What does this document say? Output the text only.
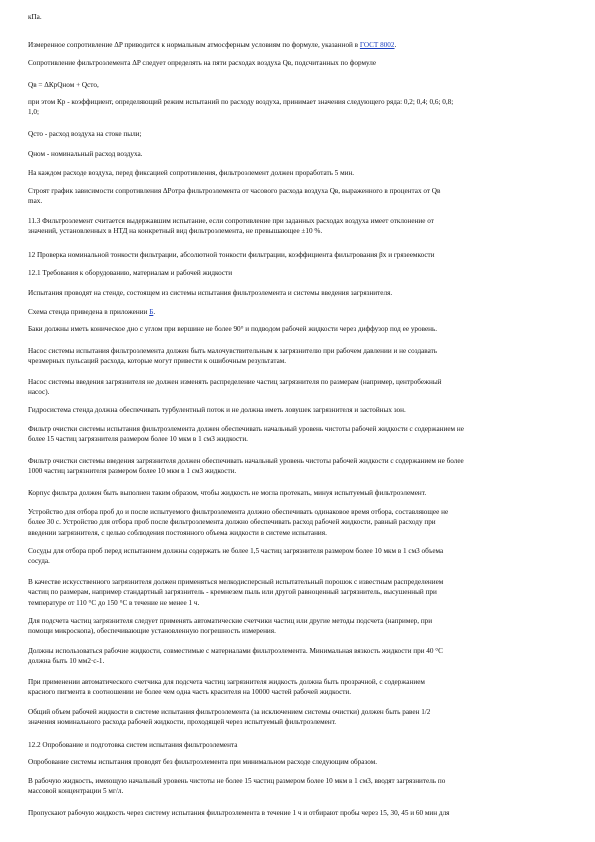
кПа.

Измеренное сопротивление ΔP приводится к нормальным атмосферным условиям по формуле, указанной в ГОСТ 8002.

Сопротивление фильтроэлемента ΔP следует определять на пяти расходах воздуха Qв, подсчитанных по формуле

Qв = ΔКрQном + Qсто,

при этом Кр - коэффициент, определяющий режим испытаний по расходу воздуха, принимает значения следующего ряда: 0,2; 0,4; 0,6; 0,8;
1,0;

Qсто - расход воздуха на стоке пыли;

Qном - номинальный расход воздуха.

На каждом расходе воздуха, перед фиксацией сопротивления, фильтроэлемент должен проработать 5 мин.

Строят график зависимости сопротивления ΔPотра фильтроэлемента от часового расхода воздуха Qв, выраженного в процентах от Qв
max.

11.3 Фильтроэлемент считается выдержавшим испытание, если сопротивление при заданных расходах воздуха имеет отклонение от
значений, установленных в НТД на конкретный вид фильтроэлемента, не превышающее ±10 %.

12 Проверка номинальной тонкости фильтрации, абсолютной тонкости фильтрации, коэффициента фильтрования βх и грязеемкости

12.1 Требования к оборудованию, материалам и рабочей жидкости

Испытания проводят на стенде, состоящем из системы испытания фильтроэлемента и системы введения загрязнителя.

Схема стенда приведена в приложении Б.

Баки должны иметь коническое дно с углом при вершине не более 90° и подводом рабочей жидкости через диффузор под ее уровень.

Насос системы испытания фильтроэлемента должен быть малочувствительным к загрязнителю при рабочем давлении и не создавать
чрезмерных пульсаций расхода, которые могут привести к ошибочным результатам.

Насос системы введения загрязнителя не должен изменять распределение частиц загрязнителя по размерам (например, центробежный
насос).

Гидросистема стенда должна обеспечивать турбулентный поток и не должна иметь ловушек загрязнителя и застойных зон.

Фильтр очистки системы испытания фильтроэлемента должен обеспечивать начальный уровень чистоты рабочей жидкости с содержанием не
более 15 частиц загрязнителя размером более 10 мкм в 1 см3 жидкости.

Фильтр очистки системы введения загрязнителя должен обеспечивать начальный уровень чистоты рабочей жидкости с содержанием не более
1000 частиц загрязнителя размером более 10 мкм в 1 см3 жидкости.

Корпус фильтра должен быть выполнен таким образом, чтобы жидкость не могла протекать, минуя испытуемый фильтроэлемент.

Устройство для отбора проб до и после испытуемого фильтроэлемента должно обеспечивать одинаковое время отбора, составляющее не
более 30 с. Устройство для отбора проб после фильтроэлемента должно обеспечивать расход рабочей жидкости, равный расходу при
введении загрязнителя, с целью соблюдения постоянного объема жидкости в системе испытания.

Сосуды для отбора проб перед испытанием должны содержать не более 1,5 частиц загрязнителя размером более 10 мкм в 1 см3 объема
сосуда.

В качестве искусственного загрязнителя должен применяться мелкодисперсный испытательный порошок с известным распределением
частиц по размерам, например стандартный загрязнитель - кремнезем пыль или другой равноценный загрязнитель, высушенный при
температуре от 110 °С до 150 °С в течение не менее 1 ч.

Для подсчета частиц загрязнителя следует применять автоматические счетчики частиц или другие методы подсчета (например, при
помощи микроскопа), обеспечивающие установленную погрешность измерения.

Должны использоваться рабочие жидкости, совместимые с материалами фильтроэлемента. Минимальная вязкость жидкости при 40 °С
должна быть 10 мм2·с-1.

При применении автоматического счетчика для подсчета частиц загрязнителя жидкость должна быть прозрачной, с содержанием
красного пигмента в соотношении не более чем одна часть красителя на 10000 частей рабочей жидкости.

Общий объем рабочей жидкости в системе испытания фильтроэлемента (за исключением системы очистки) должен быть равен 1/2
значения номинального расхода рабочей жидкости, проходящей через испытуемый фильтроэлемент.

12.2 Опробование и подготовка систем испытания фильтроэлемента

Опробование системы испытания проводят без фильтроэлемента при минимальном расходе следующим образом.

В рабочую жидкость, имеющую начальный уровень чистоты не более 15 частиц размером более 10 мкм в 1 см3, вводят загрязнитель по
массовой концентрации 5 мг/л.

Пропускают рабочую жидкость через систему испытания фильтроэлемента в течение 1 ч и отбирают пробы через 15, 30, 45 и 60 мин для
